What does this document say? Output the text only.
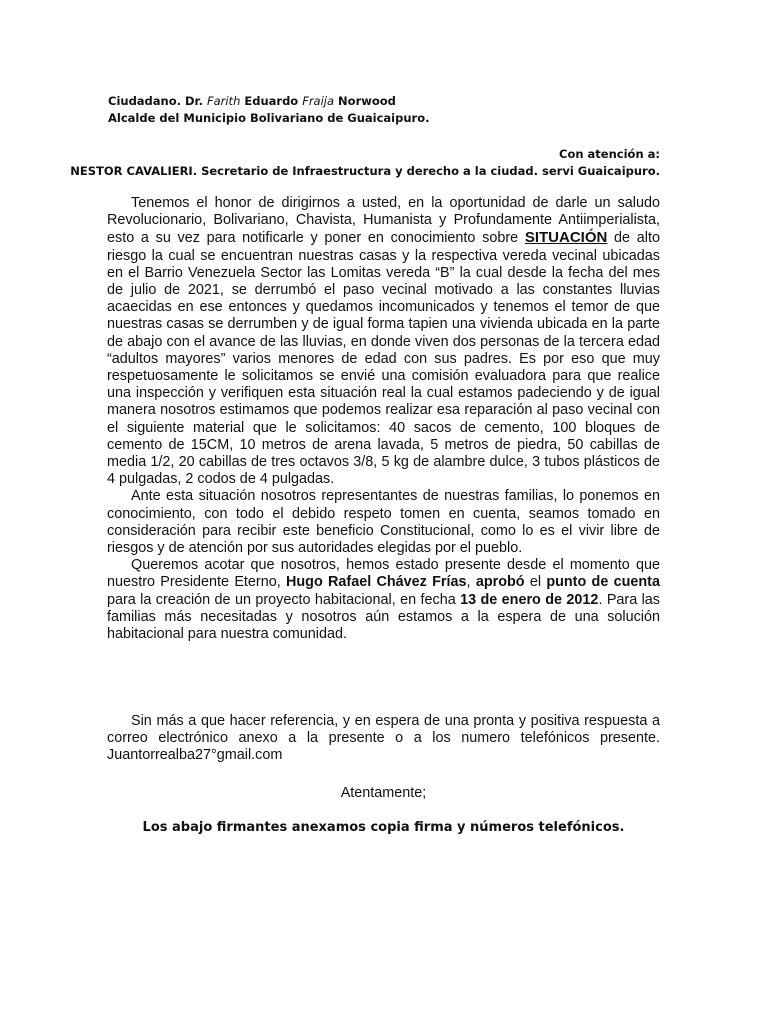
Ciudadano. Dr. Farith Eduardo Fraija Norwood
Alcalde del Municipio Bolivariano de Guaicaipuro.
Con atención a:
NESTOR CAVALIERI. Secretario de Infraestructura y derecho a la ciudad. servi Guaicaipuro.

Tenemos el honor de dirigirnos a usted, en la oportunidad de darle un saludo Revolucionario, Bolivariano, Chavista, Humanista y Profundamente Antiimperialista, esto a su vez para notificarle y poner en conocimiento sobre SITUACIÓN de alto riesgo la cual se encuentran nuestras casas y la respectiva vereda vecinal ubicadas en el Barrio Venezuela Sector las Lomitas vereda “B” la cual desde la fecha del mes de julio de 2021, se derrumbó el paso vecinal motivado a las constantes lluvias acaecidas en ese entonces y quedamos incomunicados y tenemos el temor de que nuestras casas se derrumben y de igual forma tapien una vivienda ubicada en la parte de abajo con el avance de las lluvias, en donde viven dos personas de la tercera edad “adultos mayores” varios menores de edad con sus padres. Es por eso que muy respetuosamente le solicitamos se envié una comisión evaluadora para que realice una inspección y verifiquen esta situación real la cual estamos padeciendo y de igual manera nosotros estimamos que podemos realizar esa reparación al paso vecinal con el siguiente material que le solicitamos: 40 sacos de cemento, 100 bloques de cemento de 15CM, 10 metros de arena lavada, 5 metros de piedra, 50 cabillas de media 1/2, 20 cabillas de tres octavos 3/8, 5 kg de alambre dulce, 3 tubos plásticos de 4 pulgadas, 2 codos de 4 pulgadas.

Ante esta situación nosotros representantes de nuestras familias, lo ponemos en conocimiento, con todo el debido respeto tomen en cuenta, seamos tomado en consideración para recibir este beneficio Constitucional, como lo es el vivir libre de riesgos y de atención por sus autoridades elegidas por el pueblo.

Queremos acotar que nosotros, hemos estado presente desde el momento que nuestro Presidente Eterno, Hugo Rafael Chávez Frías, aprobó el punto de cuenta para la creación de un proyecto habitacional, en fecha 13 de enero de 2012. Para las familias más necesitadas y nosotros aún estamos a la espera de una solución habitacional para nuestra comunidad.

Sin más a que hacer referencia, y en espera de una pronta y positiva respuesta a correo electrónico anexo a la presente o a los numero telefónicos presente. Juantorrealba27°gmail.com

Atentamente;
Los abajo firmantes anexamos copia firma y números telefónicos.
